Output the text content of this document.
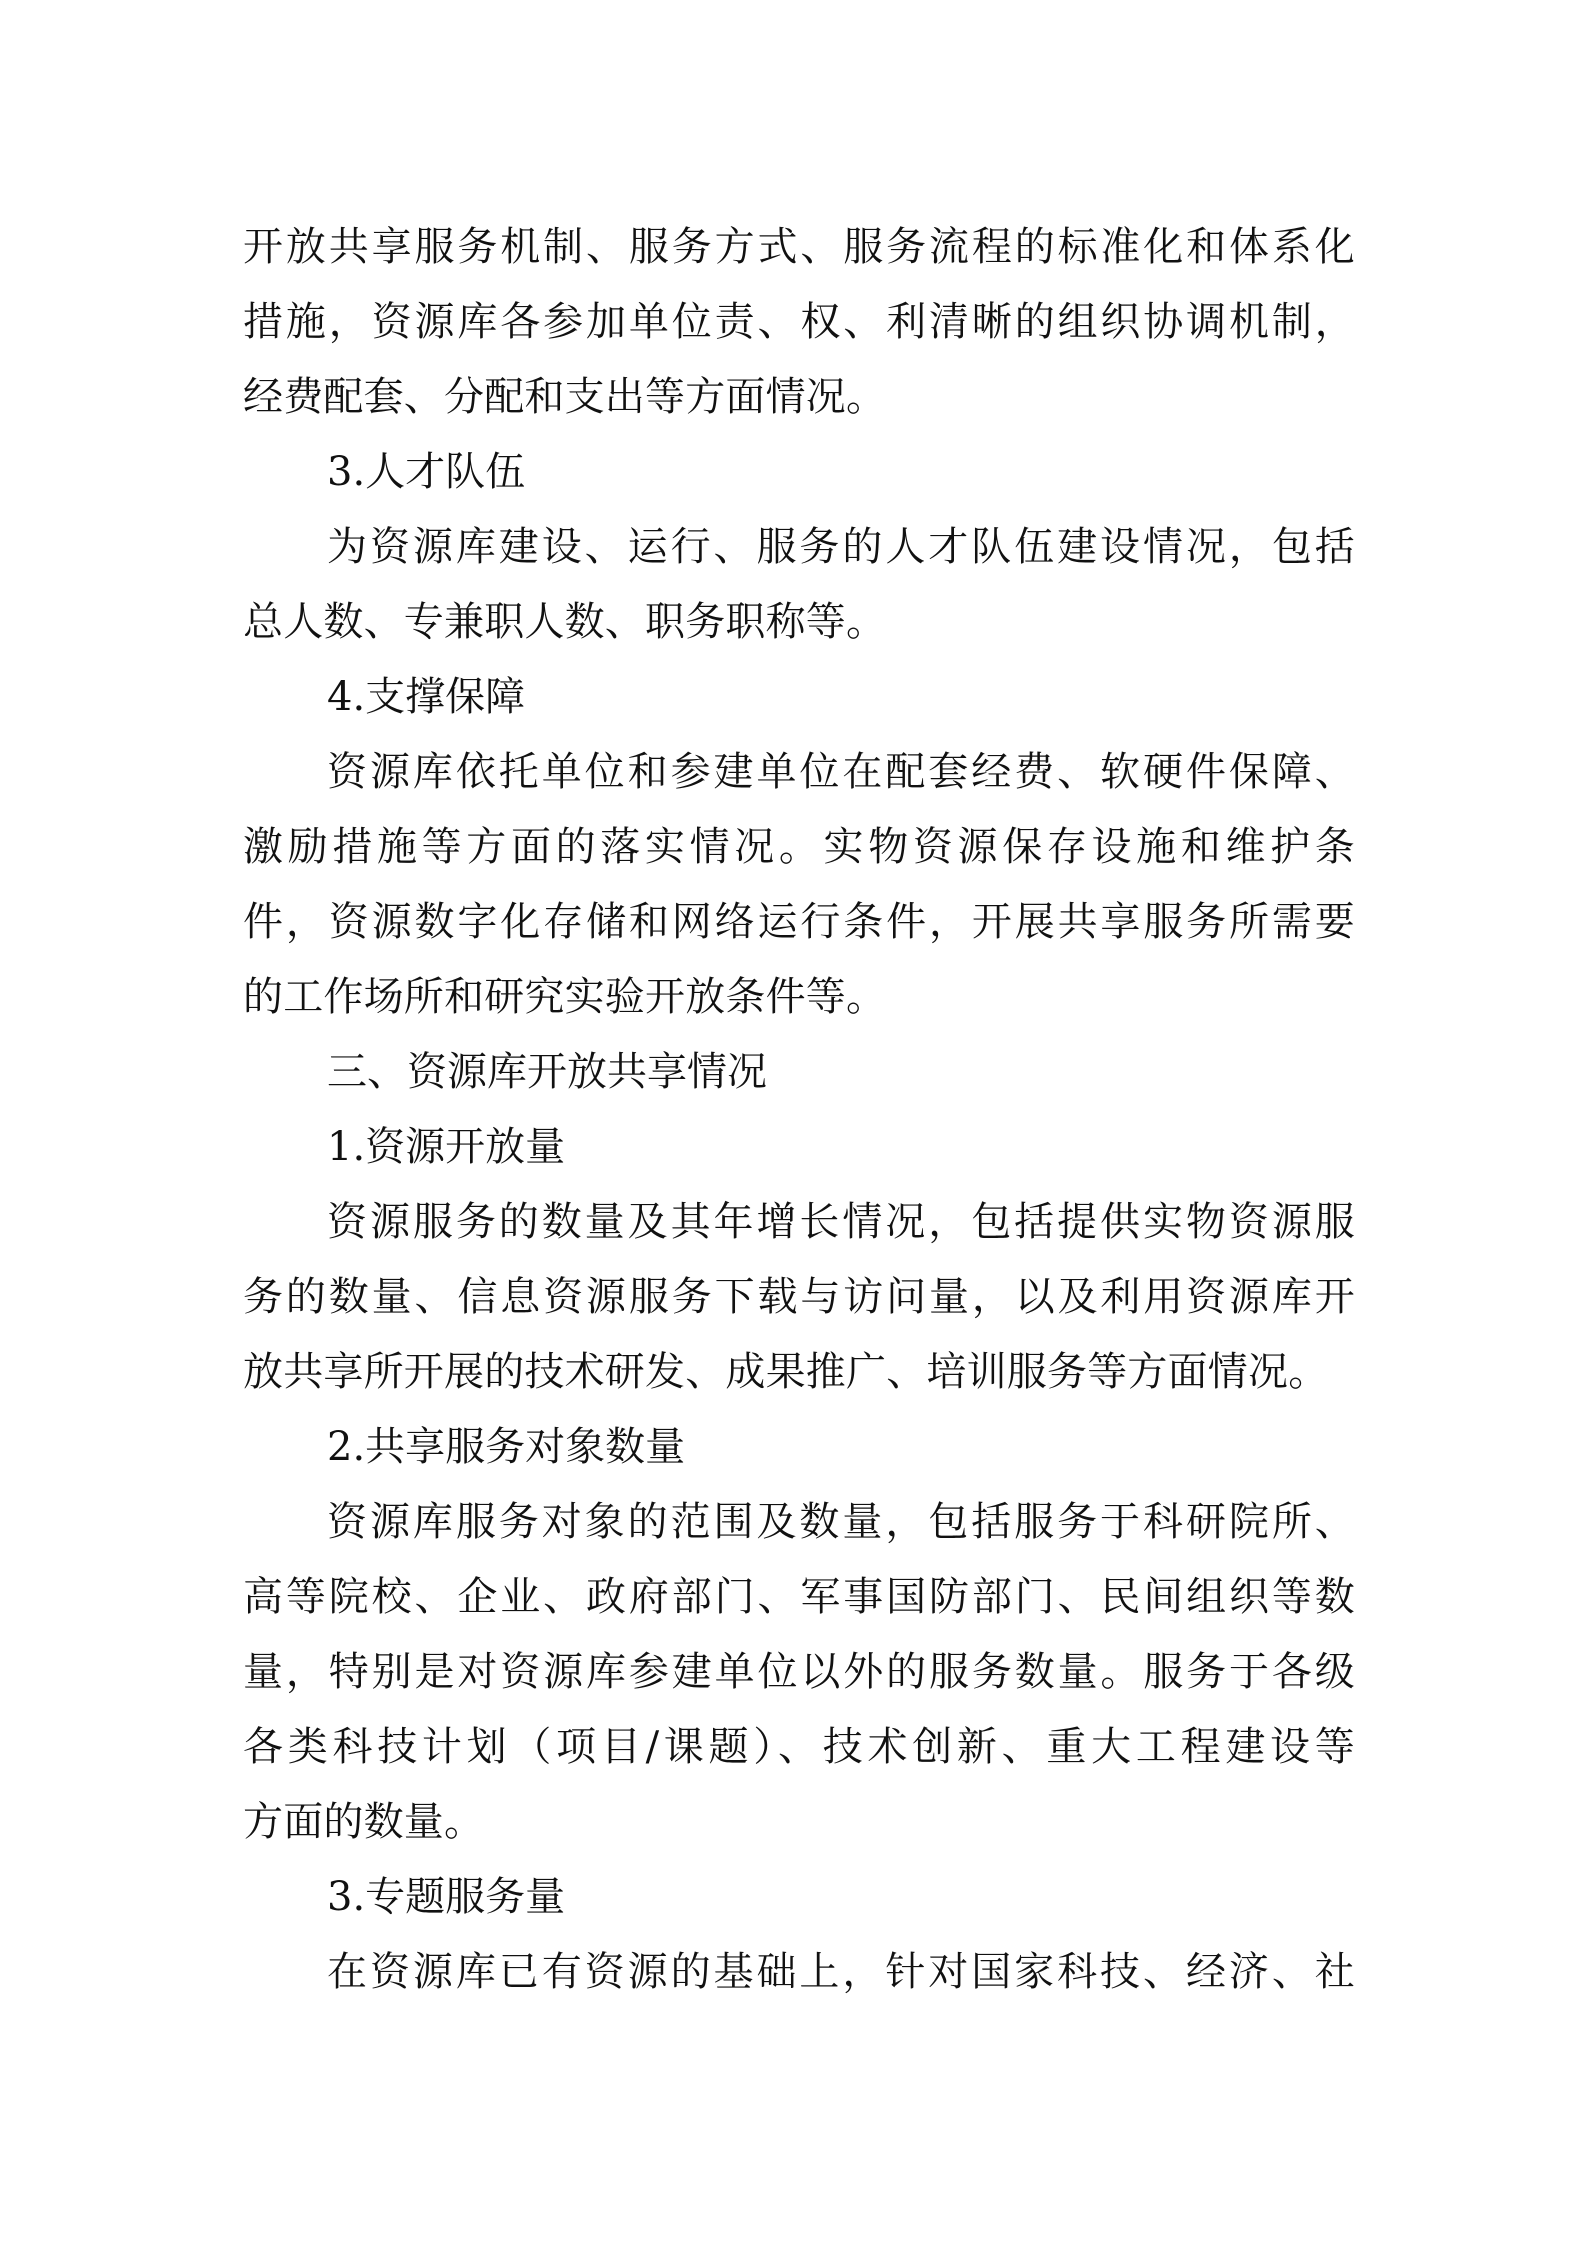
开放共享服务机制、服务方式、服务流程的标准化和体系化
措施，资源库各参加单位责、权、利清晰的组织协调机制，
经费配套、分配和支出等方面情况。
3.人才队伍
为资源库建设、运行、服务的人才队伍建设情况，包括
总人数、专兼职人数、职务职称等。
4.支撑保障
资源库依托单位和参建单位在配套经费、软硬件保障、
激励措施等方面的落实情况。实物资源保存设施和维护条
件，资源数字化存储和网络运行条件，开展共享服务所需要
的工作场所和研究实验开放条件等。
三、资源库开放共享情况
1.资源开放量
资源服务的数量及其年增长情况，包括提供实物资源服
务的数量、信息资源服务下载与访问量，以及利用资源库开
放共享所开展的技术研发、成果推广、培训服务等方面情况。
2.共享服务对象数量
资源库服务对象的范围及数量，包括服务于科研院所、
高等院校、企业、政府部门、军事国防部门、民间组织等数
量，特别是对资源库参建单位以外的服务数量。服务于各级
各类科技计划（项目/课题）、技术创新、重大工程建设等
方面的数量。
3.专题服务量
在资源库已有资源的基础上，针对国家科技、经济、社
